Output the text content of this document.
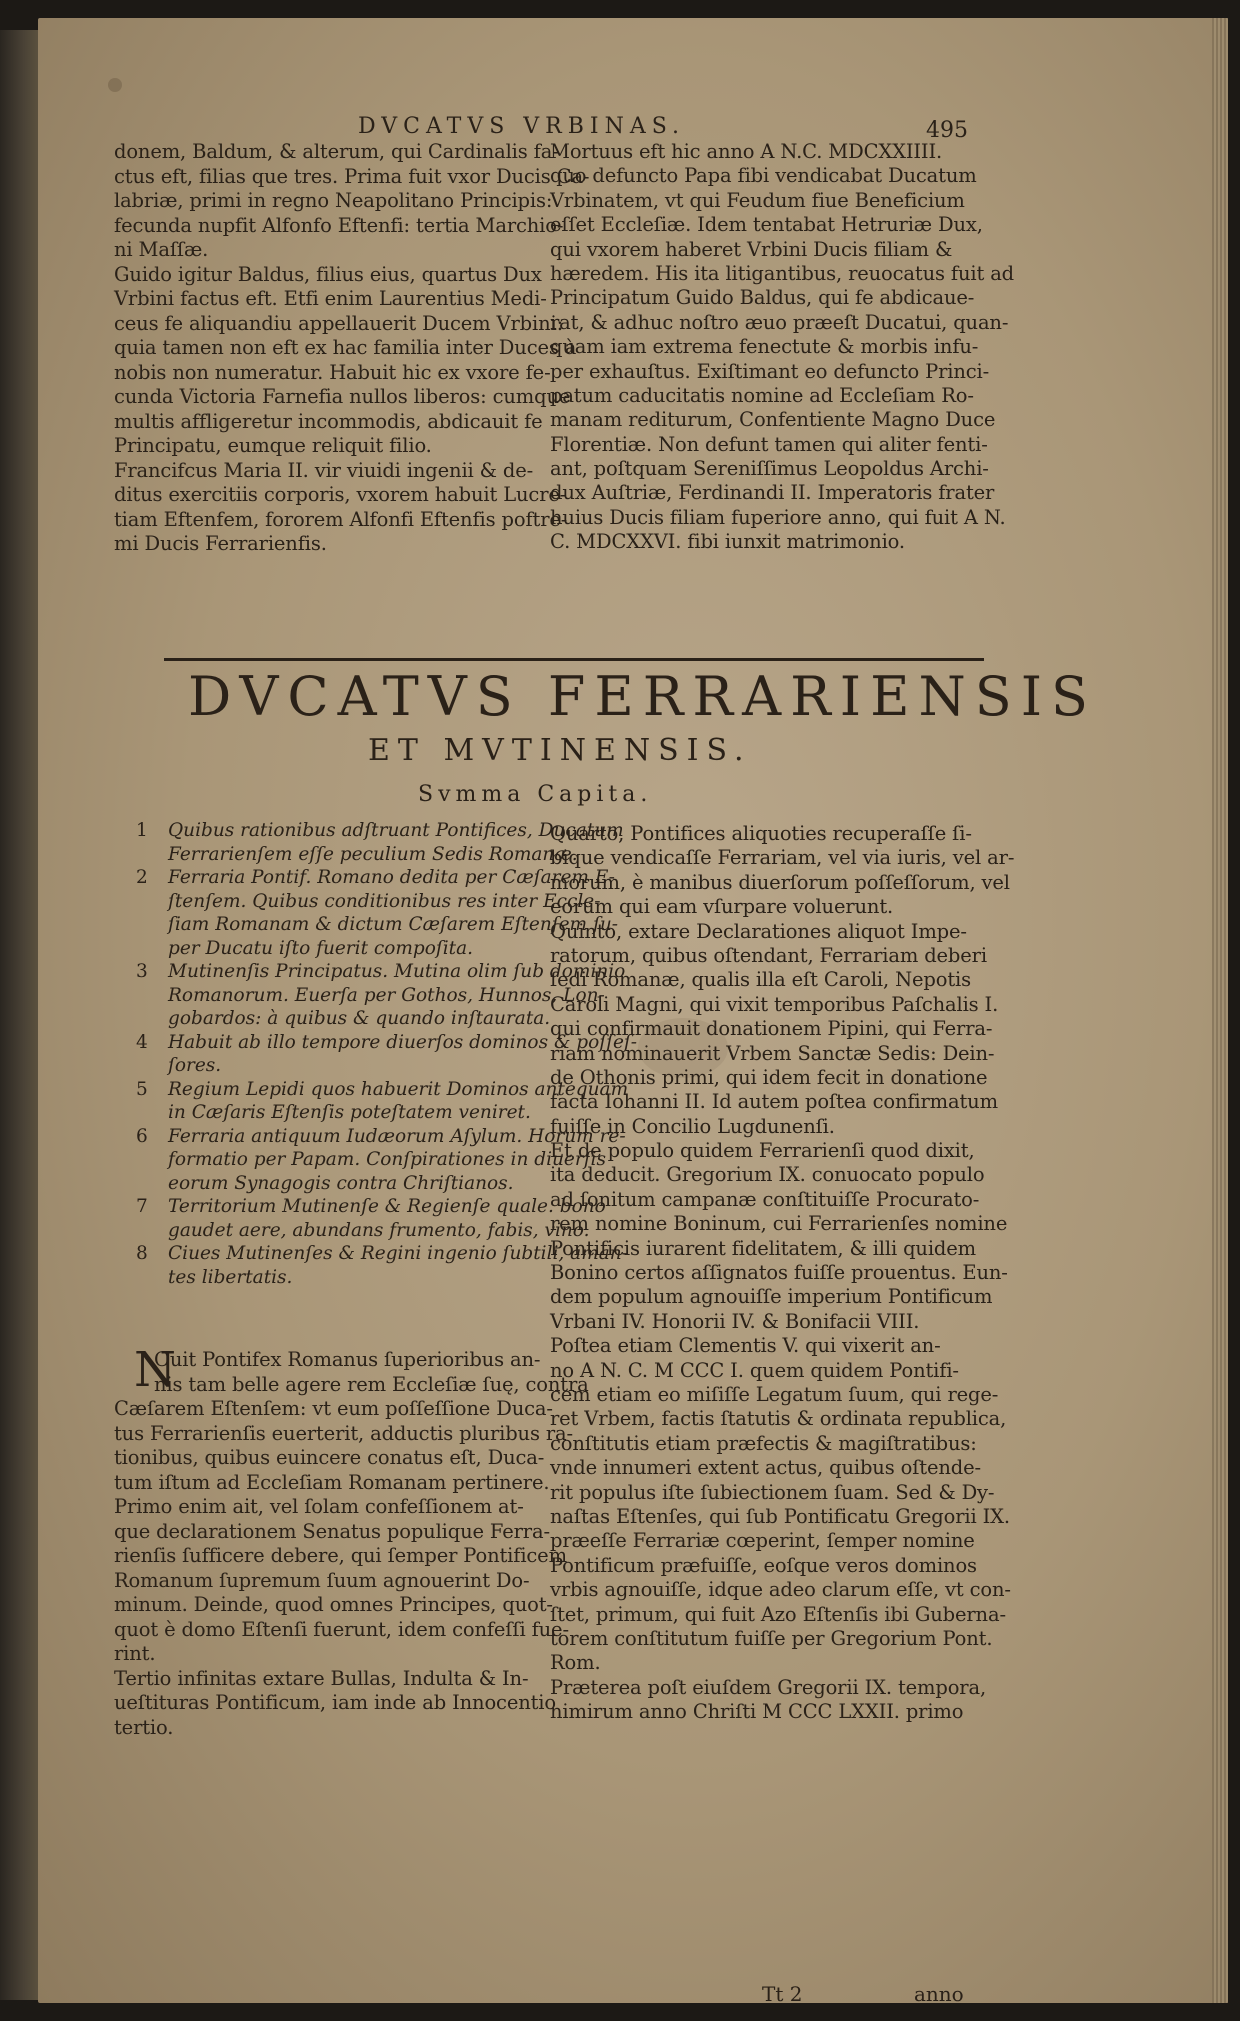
DVCATVS VRBINAS.	495
donem, Baldum, & alterum, qui Cardinalis fa-
ctus eft, filias que tres. Prima fuit vxor Ducis Ca-
labriæ, primi in regno Neapolitano Principis:
fecunda nupfit Alfonfo Eftenfi: tertia Marchio-
ni Maſſæ.
Guido igitur Baldus, filius eius, quartus Dux
Vrbini factus eft. Etfi enim Laurentius Medi-
ceus fe aliquandiu appellauerit Ducem Vrbini:
quia tamen non eft ex hac familia inter Duces à
nobis non numeratur. Habuit hic ex vxore fe-
cunda Victoria Farnefia nullos liberos: cumque
multis affligeretur incommodis, abdicauit fe
Principatu, eumque reliquit filio.
Francifcus Maria II. vir viuidi ingenii & de-
ditus exercitiis corporis, vxorem habuit Lucre-
tiam Eftenfem, fororem Alfonfi Eftenfis poftre-
mi Ducis Ferrarienfis.
Mortuus eft hic anno A N.C. MDCXXIIII.
quo defuncto Papa fibi vendicabat Ducatum
Vrbinatem, vt qui Feudum fiue Beneficium
eſſet Eccleſiæ. Idem tentabat Hetruriæ Dux,
qui vxorem haberet Vrbini Ducis filiam &
hæredem. His ita litigantibus, reuocatus fuit ad
Principatum Guido Baldus, qui fe abdicaue-
rat, & adhuc noſtro æuo præeſt Ducatui, quan-
quam iam extrema fenectute & morbis infu-
per exhauſtus. Exiſtimant eo defuncto Princi-
patum caducitatis nomine ad Eccleſiam Ro-
manam rediturum, Confentiente Magno Duce
Florentiæ. Non defunt tamen qui aliter fenti-
ant, poſtquam Sereniſſimus Leopoldus Archi-
dux Auſtriæ, Ferdinandi II. Imperatoris frater
huius Ducis filiam fuperiore anno, qui fuit A N.
C. MDCXXVI. fibi iunxit matrimonio.
DVCATVS FERRARIENSIS
ET MVTINENSIS.
Svmma Capita.
1 Quibus rationibus adſtruant Pontifices, Ducatum
Ferrarienſem eſſe peculium Sedis Romanæ.
2 Ferraria Pontif. Romano dedita per Cæſarem E-
ſtenſem. Quibus conditionibus res inter Eccle-
ſiam Romanam & dictum Cæſarem Eſtenſem ſu-
per Ducatu iſto fuerit compoſita.
3 Mutinenſis Principatus. Mutina olim ſub dominio
Romanorum. Euerſa per Gothos, Hunnos, Lon-
gobardos: à quibus & quando inſtaurata.
4 Habuit ab illo tempore diuerſos dominos & poſſeſ-
ſores.
5 Regium Lepidi quos habuerit Dominos antequam
in Cæſaris Eſtenſis poteſtatem veniret.
6 Ferraria antiquum Iudæorum Aſylum. Horum re-
formatio per Papam. Conſpirationes in diuerſis
eorum Synagogis contra Chriſtianos.
7 Territorium Mutinenſe & Regienſe quale. bono
gaudet aere, abundans frumento, fabis, vino.
8 Ciues Mutinenſes & Regini ingenio ſubtili, aman-
tes libertatis.
N
Ouit Pontifex Romanus ſuperioribus an-
nis tam belle agere rem Eccleſiæ ſuę, contra
Cæſarem Eſtenſem: vt eum poſſeſſione Duca-
tus Ferrarienſis euerterit, adductis pluribus ra-
tionibus, quibus euincere conatus eſt, Duca-
tum iſtum ad Eccleſiam Romanam pertinere.
Primo enim ait, vel ſolam confeſſionem at-
que declarationem Senatus populique Ferra-
rienſis ſufficere debere, qui ſemper Pontificem
Romanum ſupremum ſuum agnouerint Do-
minum. Deinde, quod omnes Principes, quot-
quot è domo Eſtenſi fuerunt, idem confeſſi fue-
rint.
Tertio infinitas extare Bullas, Indulta & In-
ueſtituras Pontificum, iam inde ab Innocentio
tertio.
Quarto, Pontifices aliquoties recuperaſſe ſi-
bique vendicaſſe Ferrariam, vel via iuris, vel ar-
morum, è manibus diuerſorum poſſeſſorum, vel
eorum qui eam vſurpare voluerunt.
Quinto, extare Declarationes aliquot Impe-
ratorum, quibus oſtendant, Ferrariam deberi
ſedi Romanæ, qualis illa eſt Caroli, Nepotis
Caroli Magni, qui vixit temporibus Paſchalis I.
qui confirmauit donationem Pipini, qui Ferra-
riam nominauerit Vrbem Sanctæ Sedis: Dein-
de Othonis primi, qui idem fecit in donatione
facta Iohanni II. Id autem poſtea confirmatum
fuiſſe in Concilio Lugdunenſi.
Et de populo quidem Ferrarienſi quod dixit,
ita deducit. Gregorium IX. conuocato populo
ad ſonitum campanæ conſtituiſſe Procurato-
rem nomine Boninum, cui Ferrarienſes nomine
Pontificis iurarent fidelitatem, & illi quidem
Bonino certos aſſignatos fuiſſe prouentus. Eun-
dem populum agnouiſſe imperium Pontificum
Vrbani IV. Honorii IV. & Bonifacii VIII.
Poſtea etiam Clementis V. qui vixerit an-
no A N. C. M CCC I. quem quidem Pontifi-
cem etiam eo miſiſſe Legatum ſuum, qui rege-
ret Vrbem, factis ſtatutis & ordinata republica,
conſtitutis etiam præfectis & magiſtratibus:
vnde innumeri extent actus, quibus oſtende-
rit populus iſte ſubiectionem ſuam. Sed & Dy-
naſtas Eſtenſes, qui ſub Pontificatu Gregorii IX.
præeſſe Ferrariæ cœperint, ſemper nomine
Pontificum præfuiſſe, eoſque veros dominos
vrbis agnouiſſe, idque adeo clarum eſſe, vt con-
ſtet, primum, qui fuit Azo Eſtenſis ibi Guberna-
torem conſtitutum fuiſſe per Gregorium Pont.
Rom.
Præterea poſt eiuſdem Gregorii IX. tempora,
nimirum anno Chriſti M CCC LXXII. primo
Tt 2	anno
